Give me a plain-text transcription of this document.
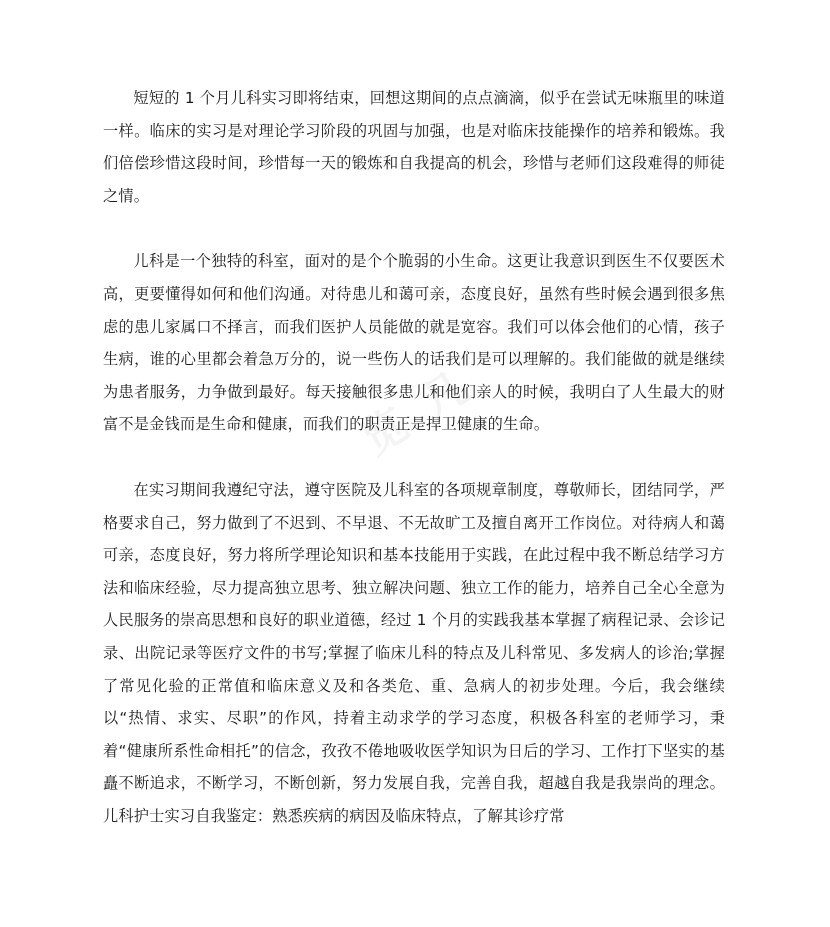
短短的 1 个月儿科实习即将结束，回想这期间的点点滴滴，似乎在尝试无味瓶里的味道一样。临床的实习是对理论学习阶段的巩固与加强，也是对临床技能操作的培养和锻炼。我们倍偿珍惜这段时间，珍惜每一天的锻炼和自我提高的机会，珍惜与老师们这段难得的师徒之情。

儿科是一个独特的科室，面对的是个个脆弱的小生命。这更让我意识到医生不仅要医术高，更要懂得如何和他们沟通。对待患儿和蔼可亲，态度良好，虽然有些时候会遇到很多焦虑的患儿家属口不择言，而我们医护人员能做的就是宽容。我们可以体会他们的心情，孩子生病，谁的心里都会着急万分的，说一些伤人的话我们是可以理解的。我们能做的就是继续为患者服务，力争做到最好。每天接触很多患儿和他们亲人的时候，我明白了人生最大的财富不是金钱而是生命和健康，而我们的职责正是捍卫健康的生命。

在实习期间我遵纪守法，遵守医院及儿科室的各项规章制度，尊敬师长，团结同学，严格要求自己，努力做到了不迟到、不早退、不无故旷工及擅自离开工作岗位。对待病人和蔼可亲，态度良好，努力将所学理论知识和基本技能用于实践，在此过程中我不断总结学习方法和临床经验，尽力提高独立思考、独立解决问题、独立工作的能力，培养自己全心全意为人民服务的崇高思想和良好的职业道德，经过 1 个月的实践我基本掌握了病程记录、会诊记录、出院记录等医疗文件的书写;掌握了临床儿科的特点及儿科常见、多发病人的诊治;掌握了常见化验的正常值和临床意义及和各类危、重、急病人的初步处理。今后，我会继续以“热情、求实、尽职”的作风，持着主动求学的学习态度，积极各科室的老师学习，秉着“健康所系性命相托”的信念，孜孜不倦地吸收医学知识为日后的学习、工作打下坚实的基矗不断追求，不断学习，不断创新，努力发展自我，完善自我，超越自我是我崇尚的理念。儿科护士实习自我鉴定：熟悉疾病的病因及临床特点，了解其诊疗常
